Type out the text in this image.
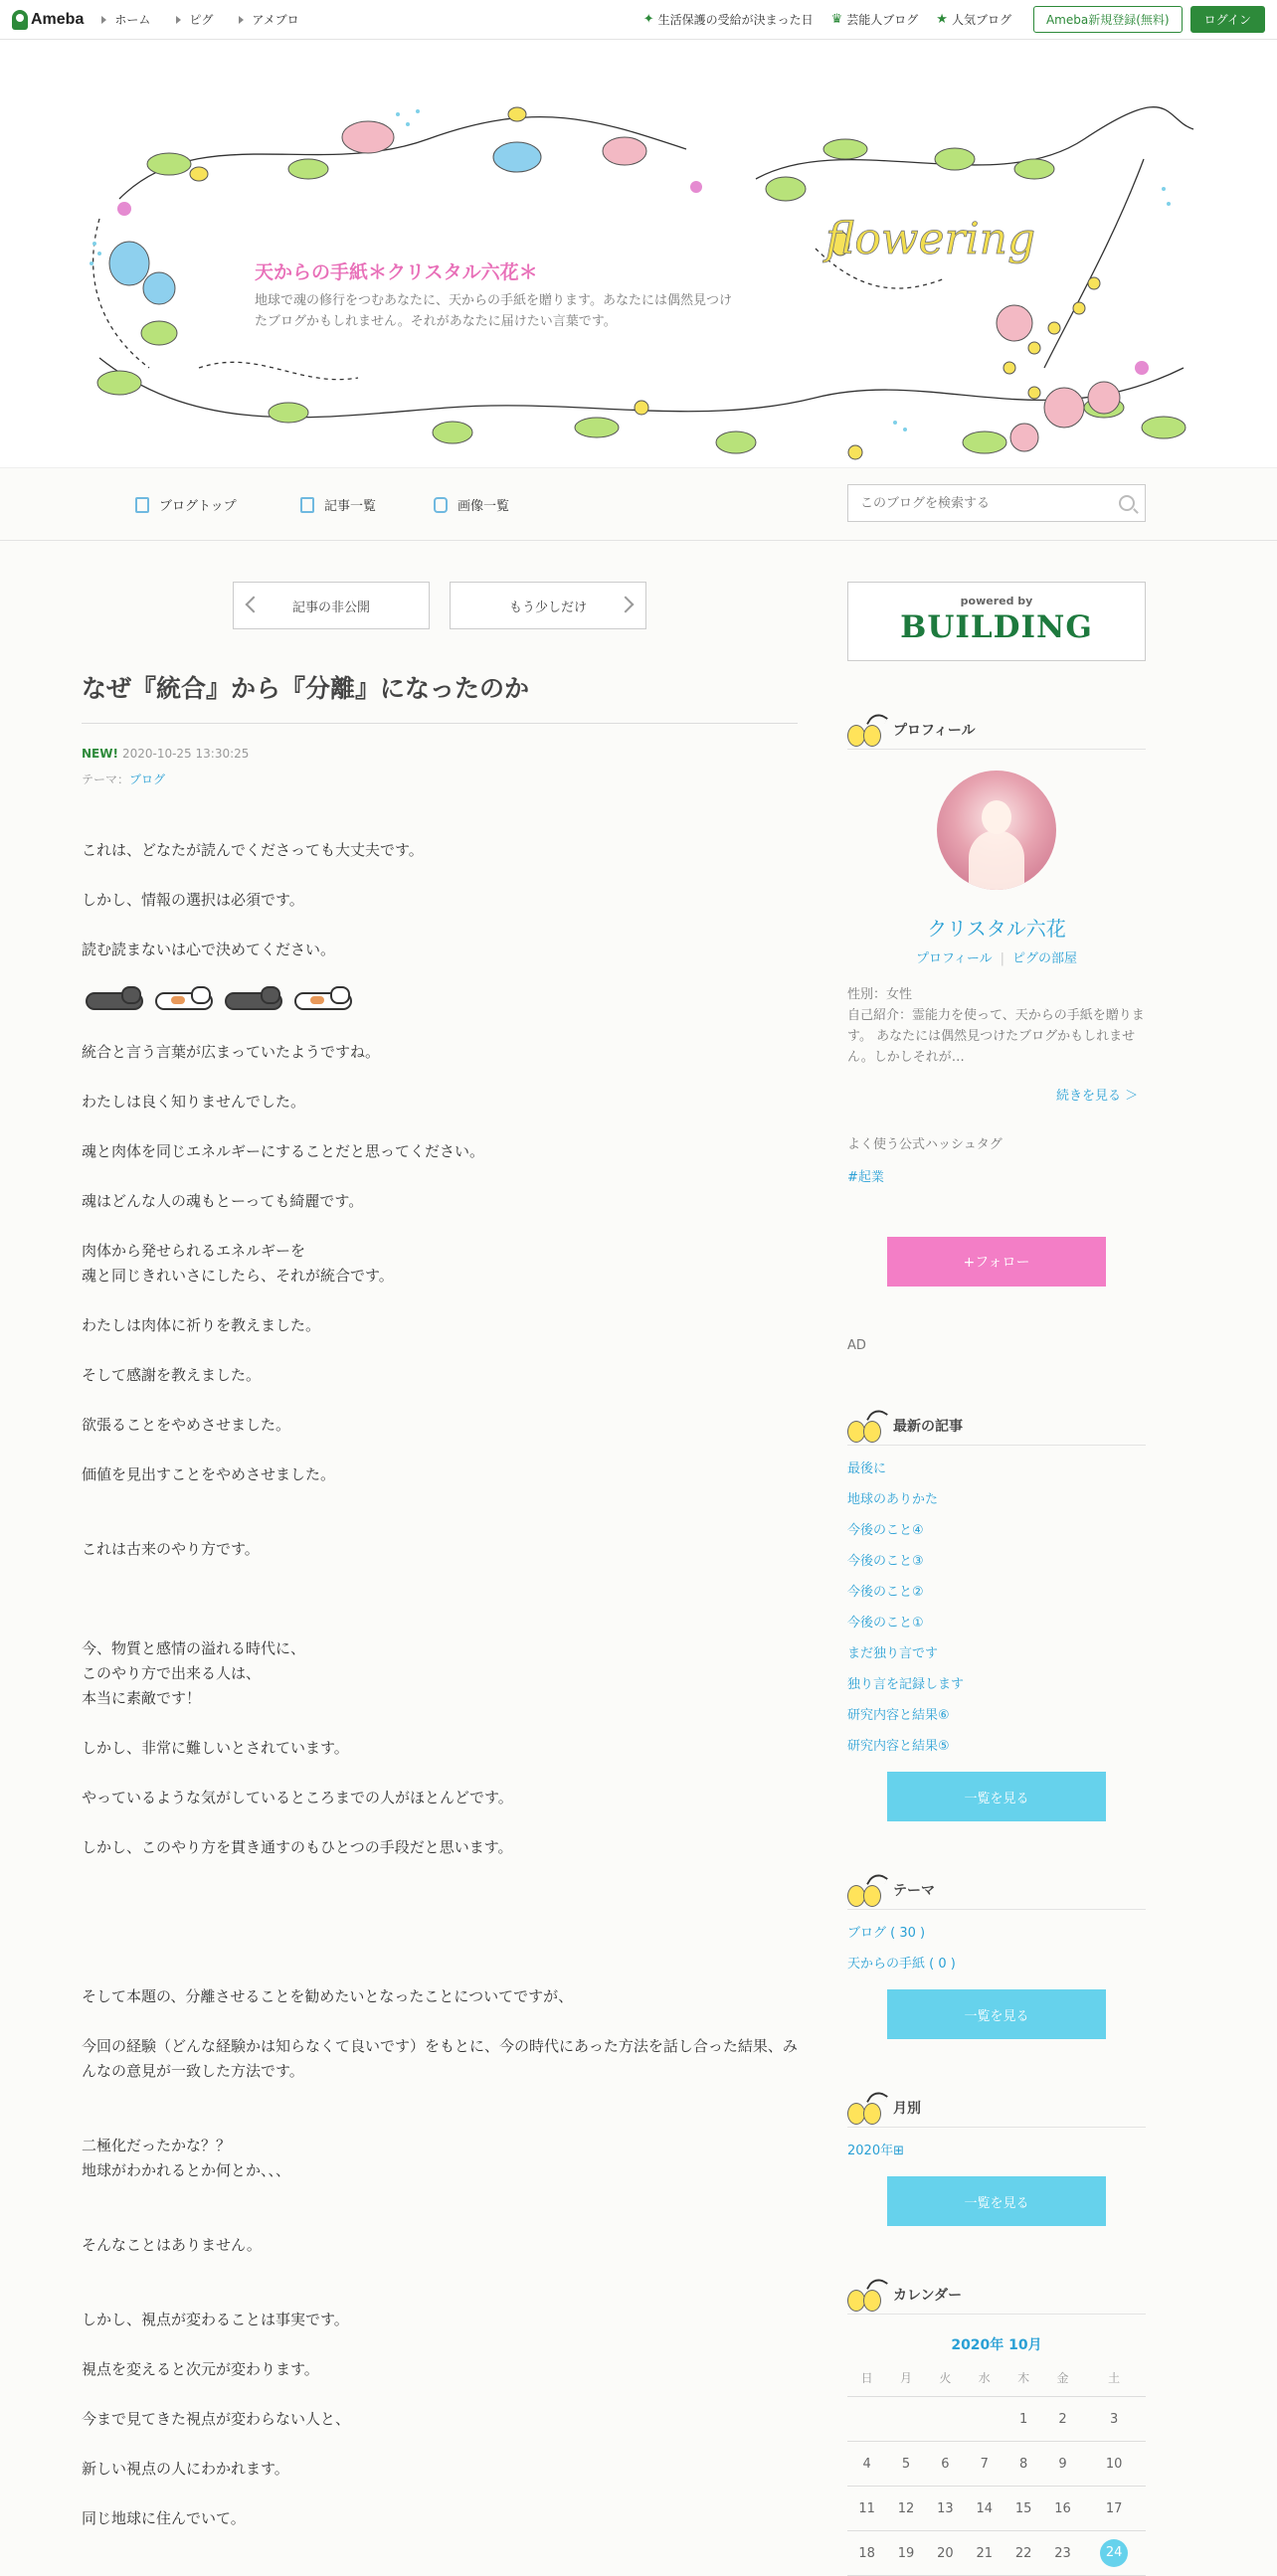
Ameba	ホーム	ピグ	アメブロ	✦ 生活保護の受給が決まった日 ♛ 芸能人ブログ ★ 人気ブログ	Ameba新規登録(無料)	ログイン
flowering
天からの手紙＊クリスタル六花＊
地球で魂の修行をつむあなたに、天からの手紙を贈ります。あなたには偶然見つけたブログかもしれません。それがあなたに届けたい言葉です。
ブログトップ	記事一覧	画像一覧
このブログを検索する
記事の非公開	もう少しだけ
なぜ『統合』から『分離』になったのか
NEW! 2020-10-25 13:30:25
テーマ：ブログ

これは、どなたが読んでくださっても大丈夫です。

しかし、情報の選択は必須です。

読む読まないは心で決めてください。

統合と言う言葉が広まっていたようですね。

わたしは良く知りませんでした。

魂と肉体を同じエネルギーにすることだと思ってください。

魂はどんな人の魂もとーっても綺麗です。

肉体から発せられるエネルギーを
魂と同じきれいさにしたら、それが統合です。

わたしは肉体に祈りを教えました。

そして感謝を教えました。

欲張ることをやめさせました。

価値を見出すことをやめさせました。

これは古来のやり方です。

今、物質と感情の溢れる時代に、
このやり方で出来る人は、
本当に素敵です！

しかし、非常に難しいとされています。

やっているような気がしているところまでの人がほとんどです。

しかし、このやり方を貫き通すのもひとつの手段だと思います。

そして本題の、分離させることを勧めたいとなったことについてですが、

今回の経験（どんな経験かは知らなくて良いです）をもとに、今の時代にあった方法を話し合った結果、みんなの意見が一致した方法です。

二極化だったかな？？
地球がわかれるとか何とか、、、

そんなことはありません。

しかし、視点が変わることは事実です。

視点を変えると次元が変わります。

今まで見てきた視点が変わらない人と、

新しい視点の人にわかれます。

同じ地球に住んでいて。

powered by
BUILDING
プロフィール
クリスタル六花
プロフィール | ピグの部屋
性別：女性
自己紹介：霊能力を使って、天からの手紙を贈ります。 あなたには偶然見つけたブログかもしれません。しかしそれが…
続きを見る ＞
よく使う公式ハッシュタグ
#起業
+フォロー
AD
最新の記事
最後に
地球のありかた
今後のこと④
今後のこと③
今後のこと②
今後のこと①
まだ独り言です
独り言を記録します
研究内容と結果⑥
研究内容と結果⑤
一覧を見る
テーマ
ブログ ( 30 )
天からの手紙 ( 0 )
一覧を見る
月別
2020年⊞
一覧を見る
カレンダー
2020年 10月
日	月	火	水	木	金	土
				1	2	3
4	5	6	7	8	9	10
11	12	13	14	15	16	17
18	19	20	21	22	23	24
